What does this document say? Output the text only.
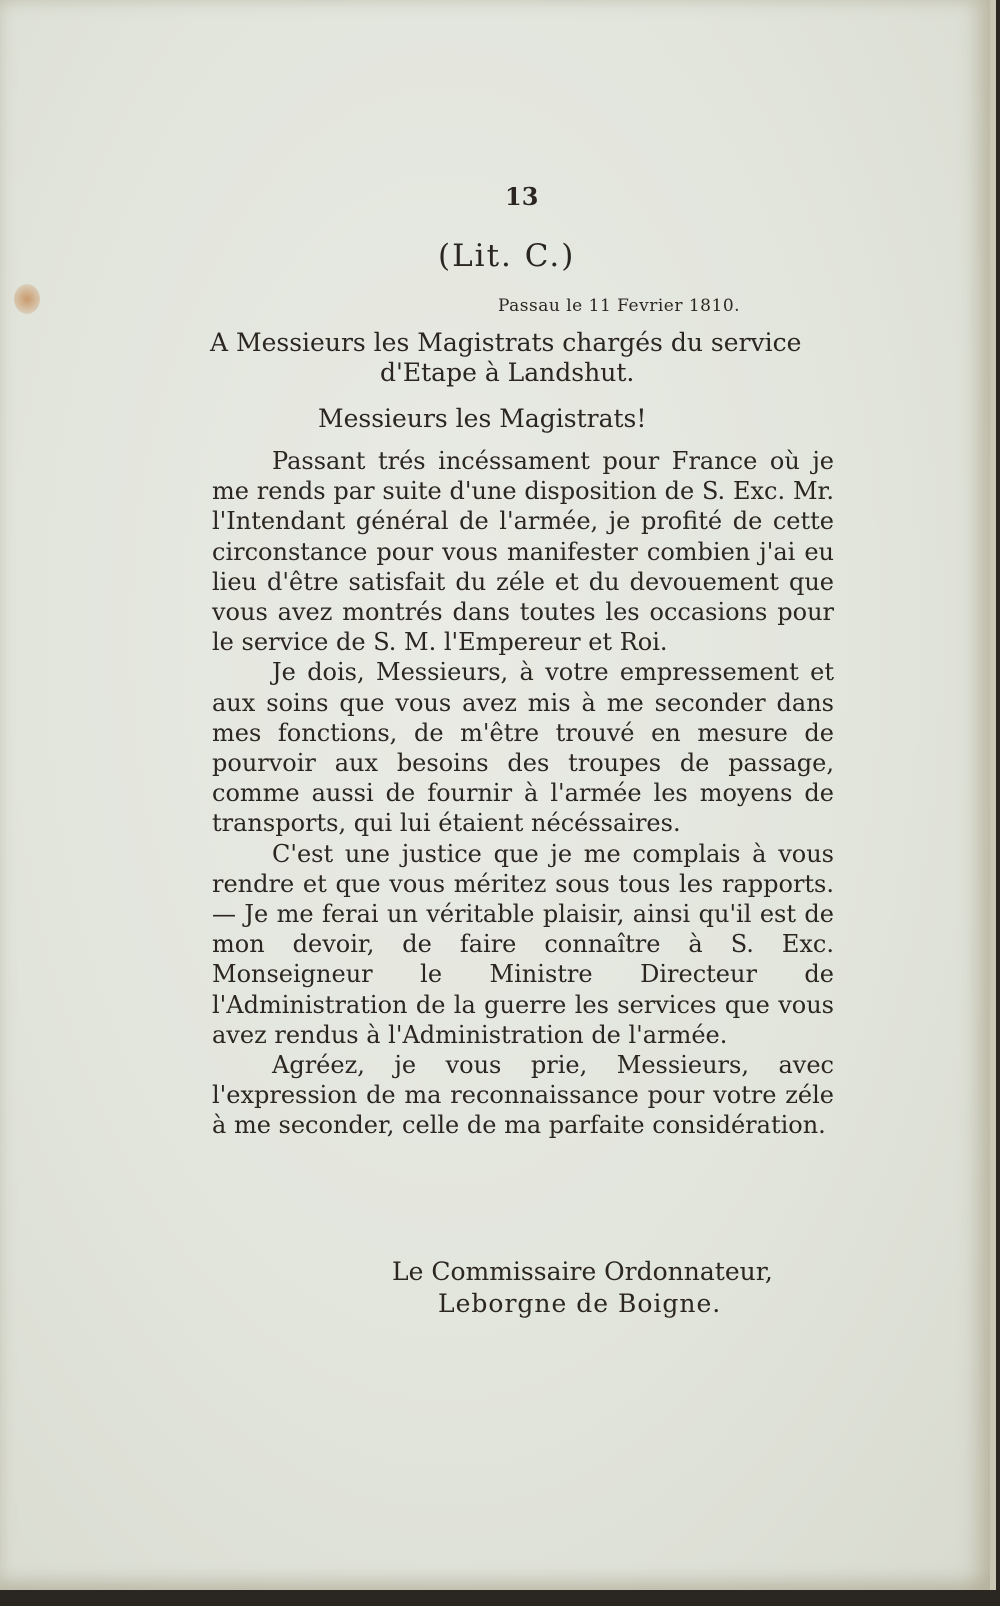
13
(Lit. C.)
Passau le 11 Fevrier 1810.
A Messieurs les Magistrats chargés du service
d'Etape à Landshut.
Messieurs les Magistrats!

Passant trés incéssament pour France où je me rends par suite d'une disposition de S. Exc. Mr. l'Intendant général de l'armée, je profité de cette circonstance pour vous manifester combien j'ai eu lieu d'être satisfait du zéle et du devouement que vous avez montrés dans toutes les occasions pour le service de S. M. l'Empereur et Roi.

Je dois, Messieurs, à votre empressement et aux soins que vous avez mis à me seconder dans mes fonctions, de m'être trouvé en mesure de pourvoir aux besoins des troupes de passage, comme aussi de fournir à l'armée les moyens de transports, qui lui étaient nécéssaires.

C'est une justice que je me complais à vous rendre et que vous méritez sous tous les rapports. — Je me ferai un véritable plaisir, ainsi qu'il est de mon devoir, de faire connaître à S. Exc. Monseigneur le Ministre Directeur de l'Administration de la guerre les services que vous avez rendus à l'Administration de l'armée.

Agréez, je vous prie, Messieurs, avec l'expression de ma reconnaissance pour votre zéle à me seconder, celle de ma parfaite considération.

Le Commissaire Ordonnateur,
Leborgne de Boigne.
